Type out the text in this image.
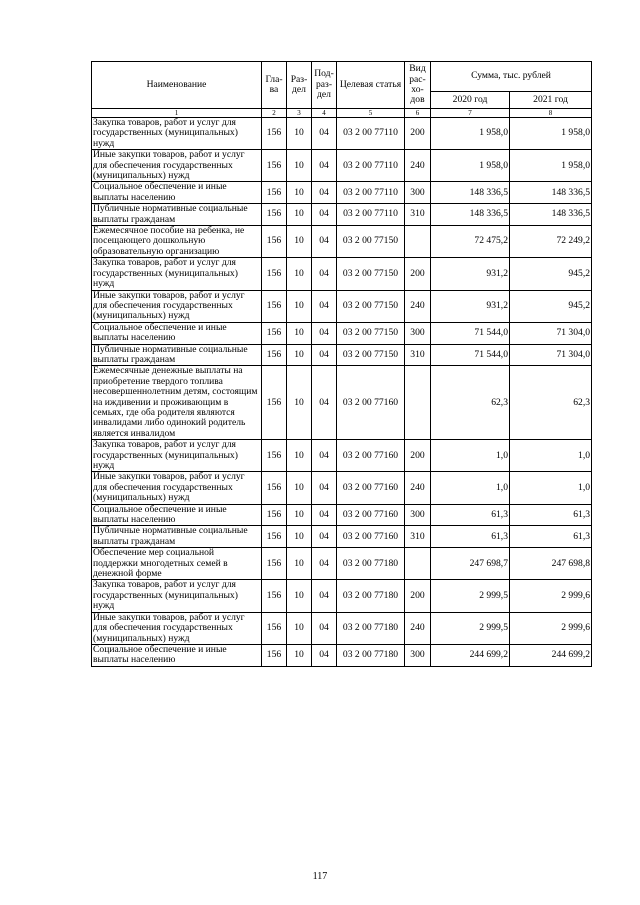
Наименование	Гла-ва	Раз-дел	Под-раз-дел	Целевая статья	Вид рас-хо-дов	Сумма, тыс. рублей	
						2020 год	2021 год
1	2	3	4	5	6	7	8
Закупка товаров, работ и услуг для государственных (муниципальных) нужд	156	10	04	03 2 00 77110	200	1 958,0	1 958,0
Иные закупки товаров, работ и услуг для обеспечения государственных (муниципальных) нужд	156	10	04	03 2 00 77110	240	1 958,0	1 958,0
Социальное обеспечение и иные выплаты населению	156	10	04	03 2 00 77110	300	148 336,5	148 336,5
Публичные нормативные социальные выплаты гражданам	156	10	04	03 2 00 77110	310	148 336,5	148 336,5
Ежемесячное пособие на ребенка, не посещающего дошкольную образовательную организацию	156	10	04	03 2 00 77150		72 475,2	72 249,2
Закупка товаров, работ и услуг для государственных (муниципальных) нужд	156	10	04	03 2 00 77150	200	931,2	945,2
Иные закупки товаров, работ и услуг для обеспечения государственных (муниципальных) нужд	156	10	04	03 2 00 77150	240	931,2	945,2
Социальное обеспечение и иные выплаты населению	156	10	04	03 2 00 77150	300	71 544,0	71 304,0
Публичные нормативные социальные выплаты гражданам	156	10	04	03 2 00 77150	310	71 544,0	71 304,0
Ежемесячные денежные выплаты на приобретение твердого топлива несовершеннолетним детям, состоящим на иждивении и проживающим в семьях, где оба родителя являются инвалидами либо одинокий родитель является инвалидом	156	10	04	03 2 00 77160		62,3	62,3
Закупка товаров, работ и услуг для государственных (муниципальных) нужд	156	10	04	03 2 00 77160	200	1,0	1,0
Иные закупки товаров, работ и услуг для обеспечения государственных (муниципальных) нужд	156	10	04	03 2 00 77160	240	1,0	1,0
Социальное обеспечение и иные выплаты населению	156	10	04	03 2 00 77160	300	61,3	61,3
Публичные нормативные социальные выплаты гражданам	156	10	04	03 2 00 77160	310	61,3	61,3
Обеспечение мер социальной поддержки многодетных семей в денежной форме	156	10	04	03 2 00 77180		247 698,7	247 698,8
Закупка товаров, работ и услуг для государственных (муниципальных) нужд	156	10	04	03 2 00 77180	200	2 999,5	2 999,6
Иные закупки товаров, работ и услуг для обеспечения государственных (муниципальных) нужд	156	10	04	03 2 00 77180	240	2 999,5	2 999,6
Социальное обеспечение и иные выплаты населению	156	10	04	03 2 00 77180	300	244 699,2	244 699,2
117
